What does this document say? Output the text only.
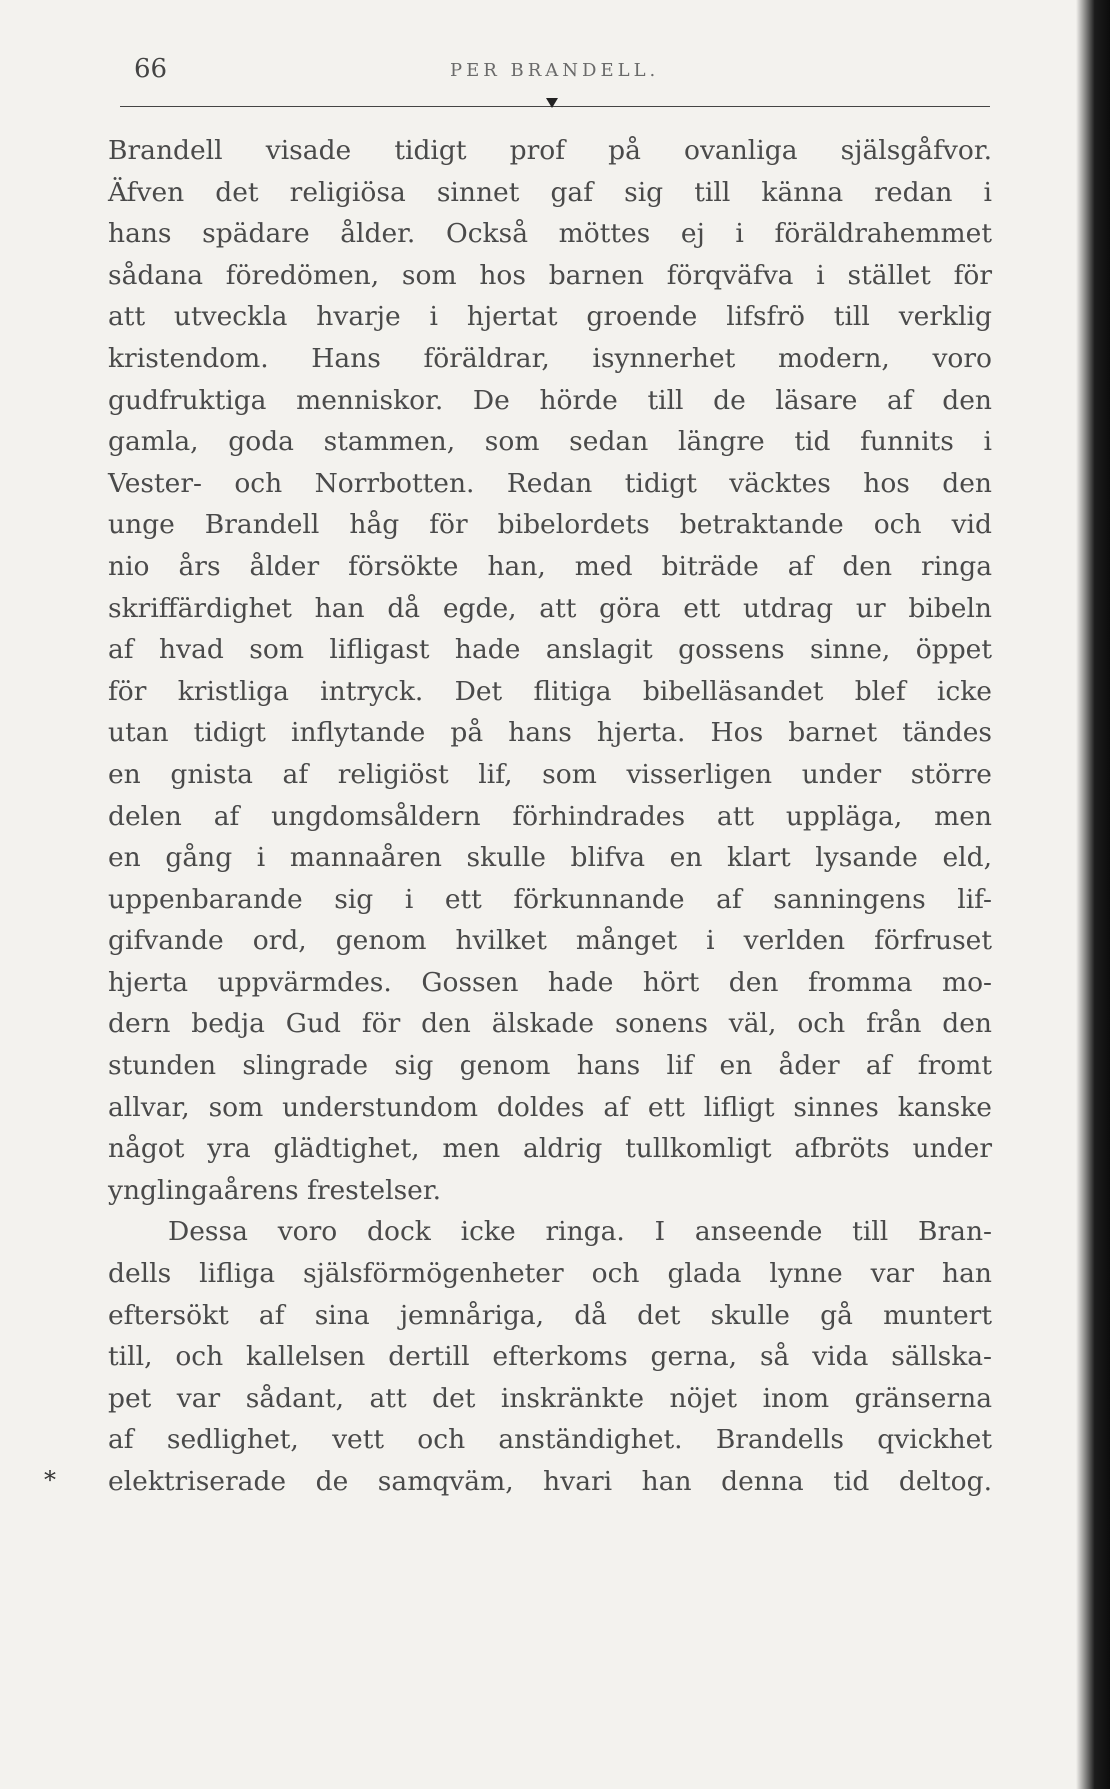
66	PER BRANDELL.
Brandell visade tidigt prof på ovanliga själsgåfvor.
Äfven det religiösa sinnet gaf sig till känna redan i
hans spädare ålder. Också möttes ej i föräldrahemmet
sådana föredömen, som hos barnen förqväfva i stället för
att utveckla hvarje i hjertat groende lifsfrö till verklig
kristendom. Hans föräldrar, isynnerhet modern, voro
gudfruktiga menniskor. De hörde till de läsare af den
gamla, goda stammen, som sedan längre tid funnits i
Vester- och Norrbotten. Redan tidigt väcktes hos den
unge Brandell håg för bibelordets betraktande och vid
nio års ålder försökte han, med biträde af den ringa
skriffärdighet han då egde, att göra ett utdrag ur bibeln
af hvad som lifligast hade anslagit gossens sinne, öppet
för kristliga intryck. Det flitiga bibelläsandet blef icke
utan tidigt inflytande på hans hjerta. Hos barnet tändes
en gnista af religiöst lif, som visserligen under större
delen af ungdomsåldern förhindrades att uppläga, men
en gång i mannaåren skulle blifva en klart lysande eld,
uppenbarande sig i ett förkunnande af sanningens lif-
gifvande ord, genom hvilket månget i verlden förfruset
hjerta uppvärmdes. Gossen hade hört den fromma mo-
dern bedja Gud för den älskade sonens väl, och från den
stunden slingrade sig genom hans lif en åder af fromt
allvar, som understundom doldes af ett lifligt sinnes kanske
något yra glädtighet, men aldrig tullkomligt afbröts under
ynglingaårens frestelser.
Dessa voro dock icke ringa. I anseende till Bran-
dells lifliga själsförmögenheter och glada lynne var han
eftersökt af sina jemnåriga, då det skulle gå muntert
till, och kallelsen dertill efterkoms gerna, så vida sällska-
pet var sådant, att det inskränkte nöjet inom gränserna
af sedlighet, vett och anständighet. Brandells qvickhet
elektriserade de samqväm, hvari han denna tid deltog.
*
